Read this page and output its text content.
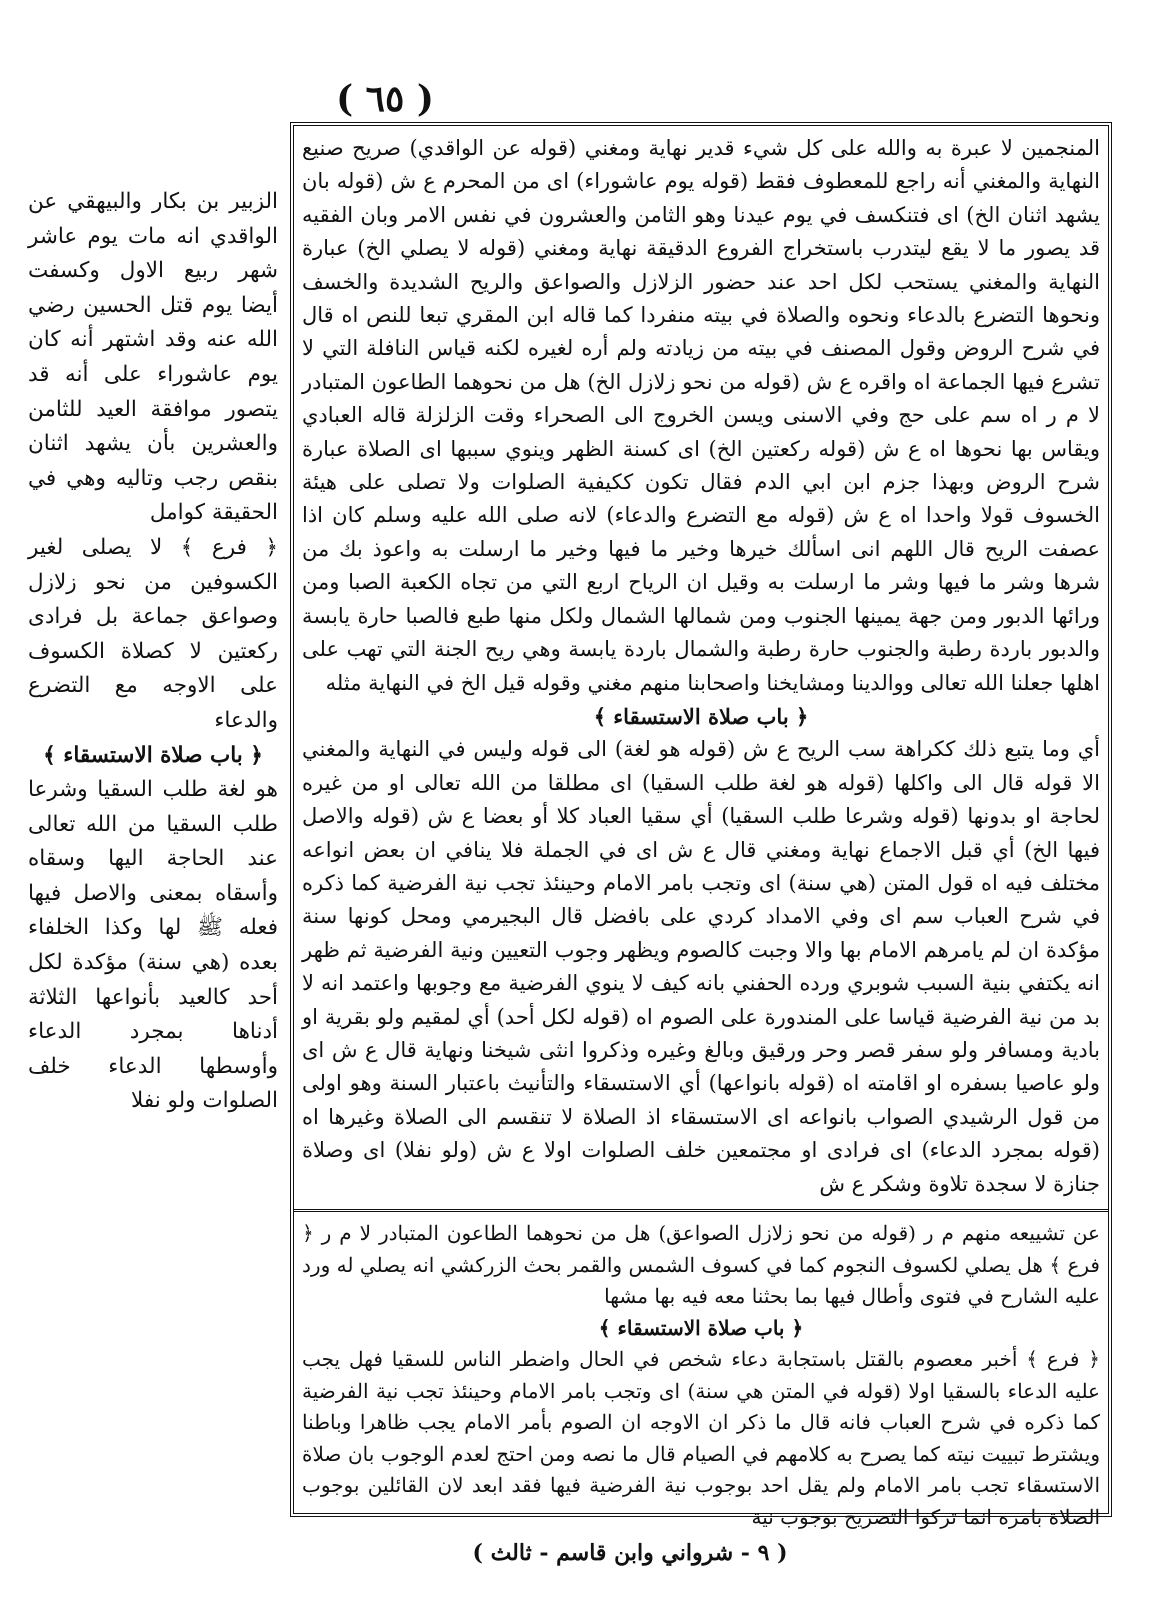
( ٦٥ )

المنجمين لا عبرة به والله على كل شيء قدير نهاية ومغني (قوله عن الواقدي) صريح صنيع النهاية والمغني أنه راجع للمعطوف فقط (قوله يوم عاشوراء) اى من المحرم ع ش (قوله بان يشهد اثنان الخ) اى فتنكسف في يوم عيدنا وهو الثامن والعشرون في نفس الامر وبان الفقيه قد يصور ما لا يقع ليتدرب باستخراج الفروع الدقيقة نهاية ومغني (قوله لا يصلي الخ) عبارة النهاية والمغني يستحب لكل احد عند حضور الزلازل والصواعق والريح الشديدة والخسف ونحوها التضرع بالدعاء ونحوه والصلاة في بيته منفردا كما قاله ابن المقري تبعا للنص اه قال في شرح الروض وقول المصنف في بيته من زيادته ولم أره لغيره لكنه قياس النافلة التي لا تشرع فيها الجماعة اه واقره ع ش (قوله من نحو زلازل الخ) هل من نحوهما الطاعون المتبادر لا م ر اه سم على حج وفي الاسنى ويسن الخروج الى الصحراء وقت الزلزلة قاله العبادي ويقاس بها نحوها اه ع ش (قوله ركعتين الخ) اى كسنة الظهر وينوي سببها اى الصلاة عبارة شرح الروض وبهذا جزم ابن ابي الدم فقال تكون ككيفية الصلوات ولا تصلى على هيئة الخسوف قولا واحدا اه ع ش (قوله مع التضرع والدعاء) لانه صلى الله عليه وسلم كان اذا عصفت الريح قال اللهم انى اسألك خيرها وخير ما فيها وخير ما ارسلت به واعوذ بك من شرها وشر ما فيها وشر ما ارسلت به وقيل ان الرياح اربع التي من تجاه الكعبة الصبا ومن ورائها الدبور ومن جهة يمينها الجنوب ومن شمالها الشمال ولكل منها طبع فالصبا حارة يابسة والدبور باردة رطبة والجنوب حارة رطبة والشمال باردة يابسة وهي ريح الجنة التي تهب على اهلها جعلنا الله تعالى ووالدينا ومشايخنا واصحابنا منهم مغني وقوله قيل الخ في النهاية مثله

﴿ باب صلاة الاستسقاء ﴾

أي وما يتبع ذلك ككراهة سب الريح ع ش (قوله هو لغة) الى قوله وليس في النهاية والمغني الا قوله قال الى واكلها (قوله هو لغة طلب السقيا) اى مطلقا من الله تعالى او من غيره لحاجة او بدونها (قوله وشرعا طلب السقيا) أي سقيا العباد كلا أو بعضا ع ش (قوله والاصل فيها الخ) أي قبل الاجماع نهاية ومغني قال ع ش اى في الجملة فلا ينافي ان بعض انواعه مختلف فيه اه قول المتن (هي سنة) اى وتجب بامر الامام وحينئذ تجب نية الفرضية كما ذكره في شرح العباب سم اى وفي الامداد كردي على بافضل قال البجيرمي ومحل كونها سنة مؤكدة ان لم يامرهم الامام بها والا وجبت كالصوم ويظهر وجوب التعيين ونية الفرضية ثم ظهر انه يكتفي بنية السبب شوبري ورده الحفني بانه كيف لا ينوي الفرضية مع وجوبها واعتمد انه لا بد من نية الفرضية قياسا على المندورة على الصوم اه (قوله لكل أحد) أي لمقيم ولو بقرية او بادية ومسافر ولو سفر قصر وحر ورقيق وبالغ وغيره وذكروا انثى شيخنا ونهاية قال ع ش اى ولو عاصيا بسفره او اقامته اه (قوله بانواعها) أي الاستسقاء والتأنيث باعتبار السنة وهو اولى من قول الرشيدي الصواب بانواعه اى الاستسقاء اذ الصلاة لا تنقسم الى الصلاة وغيرها اه (قوله بمجرد الدعاء) اى فرادى او مجتمعين خلف الصلوات اولا ع ش (ولو نفلا) اى وصلاة جنازة لا سجدة تلاوة وشكر ع ش

عن تشييعه منهم م ر (قوله من نحو زلازل الصواعق) هل من نحوهما الطاعون المتبادر لا م ر ﴿ فرع ﴾ هل يصلي لكسوف النجوم كما في كسوف الشمس والقمر بحث الزركشي انه يصلي له ورد عليه الشارح في فتوى وأطال فيها بما بحثنا معه فيه بها مشها

﴿ باب صلاة الاستسقاء ﴾

﴿ فرع ﴾ أخبر معصوم بالقتل باستجابة دعاء شخص في الحال واضطر الناس للسقيا فهل يجب عليه الدعاء بالسقيا اولا (قوله في المتن هي سنة) اى وتجب بامر الامام وحينئذ تجب نية الفرضية كما ذكره في شرح العباب فانه قال ما ذكر ان الاوجه ان الصوم بأمر الامام يجب ظاهرا وباطنا ويشترط تبييت نيته كما يصرح به كلامهم في الصيام قال ما نصه ومن احتج لعدم الوجوب بان صلاة الاستسقاء تجب بامر الامام ولم يقل احد بوجوب نية الفرضية فيها فقد ابعد لان القائلين بوجوب الصلاة بامره انما تركوا التصريح بوجوب نية

الزبير بن بكار والبيهقي عن الواقدي انه مات يوم عاشر شهر ربيع الاول وكسفت أيضا يوم قتل الحسين رضي الله عنه وقد اشتهر أنه كان يوم عاشوراء على أنه قد يتصور موافقة العيد للثامن والعشرين بأن يشهد اثنان بنقص رجب وتاليه وهي في الحقيقة كوامل

﴿ فرع ﴾ لا يصلى لغير الكسوفين من نحو زلازل وصواعق جماعة بل فرادى ركعتين لا كصلاة الكسوف على الاوجه مع التضرع والدعاء

﴿ باب صلاة الاستسقاء ﴾

هو لغة طلب السقيا وشرعا طلب السقيا من الله تعالى عند الحاجة اليها وسقاه وأسقاه بمعنى والاصل فيها فعله ﷺ لها وكذا الخلفاء بعده (هي سنة) مؤكدة لكل أحد كالعيد بأنواعها الثلاثة أدناها بمجرد الدعاء وأوسطها الدعاء خلف الصلوات ولو نفلا

( ٩ - شرواني وابن قاسم - ثالث )
